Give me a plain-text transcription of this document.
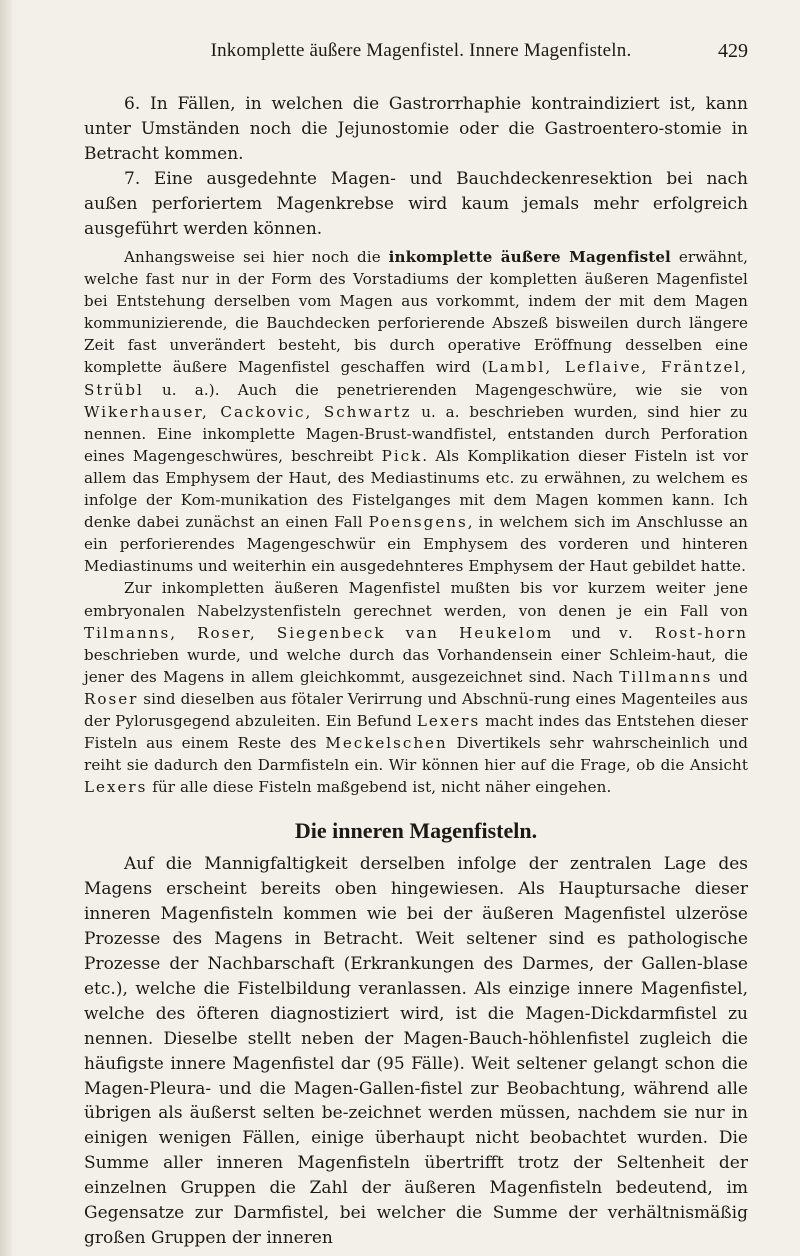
Inkomplette äußere Magenfistel. Innere Magenfisteln.	429

6. In Fällen, in welchen die Gastrorrhaphie kontraindiziert ist, kann unter Umständen noch die Jejunostomie oder die Gastroentero-stomie in Betracht kommen.

7. Eine ausgedehnte Magen- und Bauchdeckenresektion bei nach außen perforiertem Magenkrebse wird kaum jemals mehr erfolgreich ausgeführt werden können.

Anhangsweise sei hier noch die inkomplette äußere Magenfistel erwähnt, welche fast nur in der Form des Vorstadiums der kompletten äußeren Magenfistel bei Entstehung derselben vom Magen aus vorkommt, indem der mit dem Magen kommunizierende, die Bauchdecken perforierende Abszeß bisweilen durch längere Zeit fast unverändert besteht, bis durch operative Eröffnung desselben eine komplette äußere Magenfistel geschaffen wird (Lambl, Leflaive, Fräntzel, Strübl u. a.). Auch die penetrierenden Magengeschwüre, wie sie von Wikerhauser, Cackovic, Schwartz u. a. beschrieben wurden, sind hier zu nennen. Eine inkomplette Magen-Brust-wandfistel, entstanden durch Perforation eines Magengeschwüres, beschreibt Pick. Als Komplikation dieser Fisteln ist vor allem das Emphysem der Haut, des Mediastinums etc. zu erwähnen, zu welchem es infolge der Kom-munikation des Fistelganges mit dem Magen kommen kann. Ich denke dabei zunächst an einen Fall Poensgens, in welchem sich im Anschlusse an ein perforierendes Magengeschwür ein Emphysem des vorderen und hinteren Mediastinums und weiterhin ein ausgedehnteres Emphysem der Haut gebildet hatte.

Zur inkompletten äußeren Magenfistel mußten bis vor kurzem weiter jene embryonalen Nabelzystenfisteln gerechnet werden, von denen je ein Fall von Tilmanns, Roser, Siegenbeck van Heukelom und v. Rost-horn beschrieben wurde, und welche durch das Vorhandensein einer Schleim-haut, die jener des Magens in allem gleichkommt, ausgezeichnet sind. Nach Tillmanns und Roser sind dieselben aus fötaler Verirrung und Abschnü-rung eines Magenteiles aus der Pylorusgegend abzuleiten. Ein Befund Lexers macht indes das Entstehen dieser Fisteln aus einem Reste des Meckelschen Divertikels sehr wahrscheinlich und reiht sie dadurch den Darmfisteln ein. Wir können hier auf die Frage, ob die Ansicht Lexers für alle diese Fisteln maßgebend ist, nicht näher eingehen.

Die inneren Magenfisteln.

Auf die Mannigfaltigkeit derselben infolge der zentralen Lage des Magens erscheint bereits oben hingewiesen. Als Hauptursache dieser inneren Magenfisteln kommen wie bei der äußeren Magenfistel ulzeröse Prozesse des Magens in Betracht. Weit seltener sind es pathologische Prozesse der Nachbarschaft (Erkrankungen des Darmes, der Gallen-blase etc.), welche die Fistelbildung veranlassen. Als einzige innere Magenfistel, welche des öfteren diagnostiziert wird, ist die Magen-Dickdarmfistel zu nennen. Dieselbe stellt neben der Magen-Bauch-höhlenfistel zugleich die häufigste innere Magenfistel dar (95 Fälle). Weit seltener gelangt schon die Magen-Pleura- und die Magen-Gallen-fistel zur Beobachtung, während alle übrigen als äußerst selten be-zeichnet werden müssen, nachdem sie nur in einigen wenigen Fällen, einige überhaupt nicht beobachtet wurden. Die Summe aller inneren Magenfisteln übertrifft trotz der Seltenheit der einzelnen Gruppen die Zahl der äußeren Magenfisteln bedeutend, im Gegensatze zur Darmfistel, bei welcher die Summe der verhältnismäßig großen Gruppen der inneren
